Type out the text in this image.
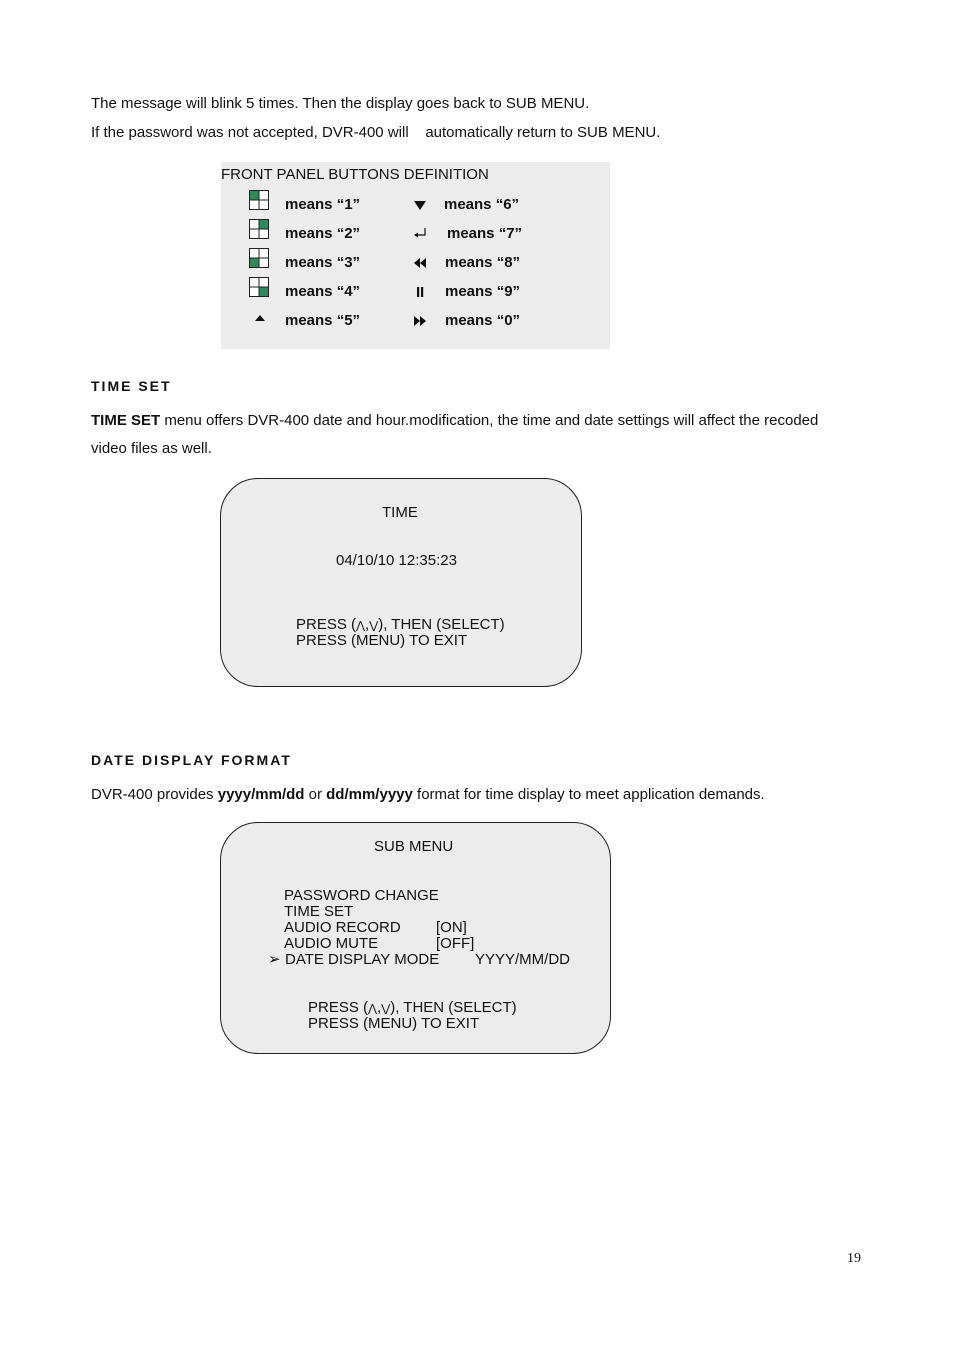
The message will blink 5 times. Then the display goes back to SUB MENU.
If the password was not accepted, DVR-400 will    automatically return to SUB MENU.
FRONT PANEL BUTTONS DEFINITION
means “1”
means “2”
means “3”
means “4”
means “5”
means “6”
means “7”
means “8”
means “9”
means “0”
TIME SET
TIME SET menu offers DVR-400 date and hour.modification, the time and date settings will affect the recoded
video files as well.
TIME
04/10/10 12:35:23
PRESS (⋀,⋁), THEN (SELECT)
PRESS (MENU) TO EXIT
DATE DISPLAY FORMAT
DVR-400 provides yyyy/mm/dd or dd/mm/yyyy format for time display to meet application demands.
SUB MENU
PASSWORD CHANGE
TIME SET
AUDIO RECORD [ON]
AUDIO MUTE	[OFF]
➢ DATE DISPLAY MODE YYYY/MM/DD
PRESS (⋀,⋁), THEN (SELECT)
PRESS (MENU) TO EXIT
19
